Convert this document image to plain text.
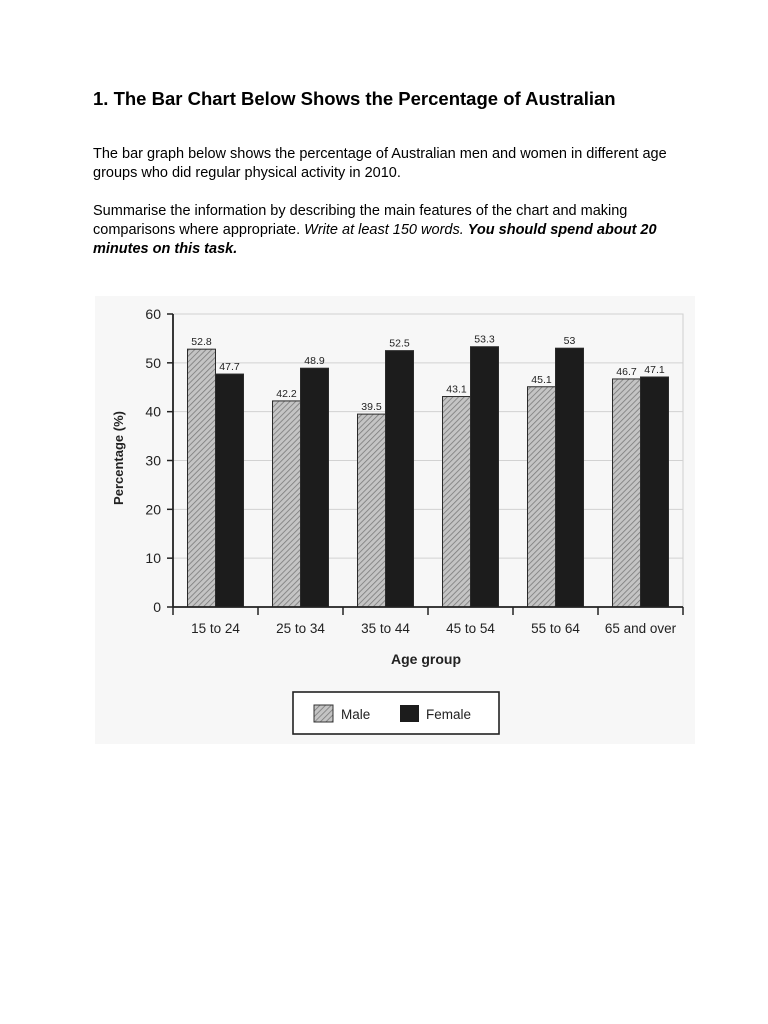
1. The Bar Chart Below Shows the Percentage of Australian

The bar graph below shows the percentage of Australian men and women in different age groups who did regular physical activity in 2010.

Summarise the information by describing the main features of the chart and making comparisons where appropriate. Write at least 150 words. You should spend about 20 minutes on this task.

0
10
20
30
40
50
60
52.8
47.7
15 to 24
42.2
48.9
25 to 34
39.5
52.5
35 to 44
43.1
53.3
45 to 54
45.1
53
55 to 64
46.7 47.1
65 and over
Percentage (%)
Age group
Male	Female
